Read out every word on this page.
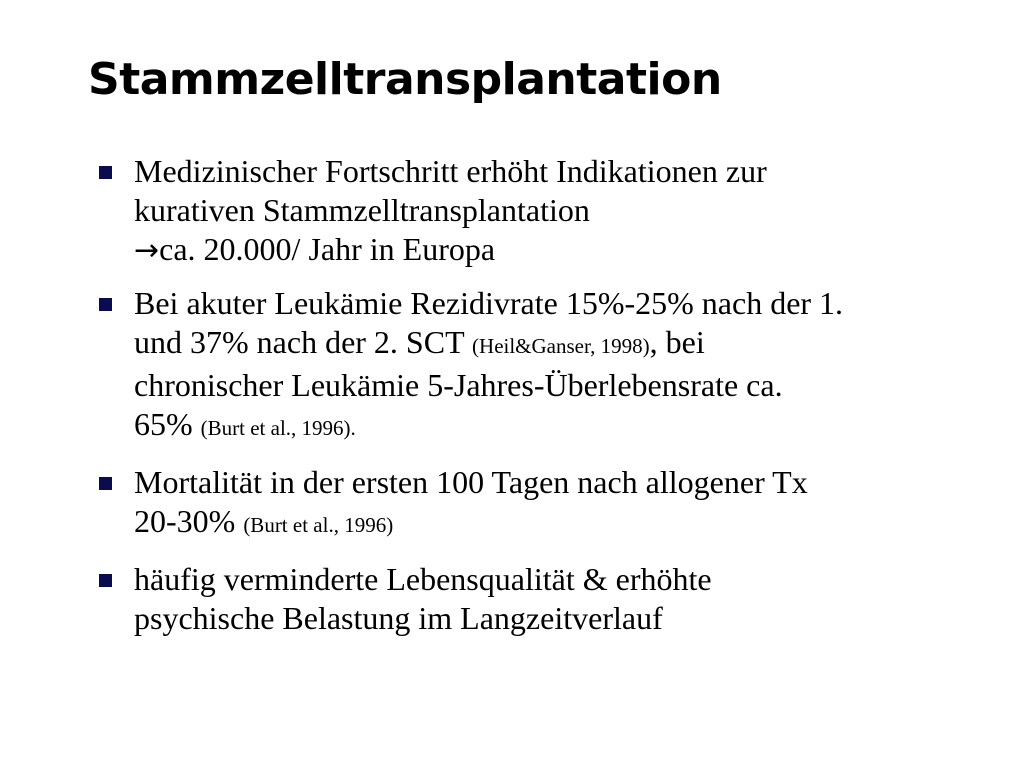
Stammzelltransplantation
Medizinischer Fortschritt erhöht Indikationen zur
kurativen Stammzelltransplantation
→ca. 20.000/ Jahr in Europa
Bei akuter Leukämie Rezidivrate 15%-25% nach der 1.
und 37% nach der 2. SCT (Heil&Ganser, 1998), bei
chronischer Leukämie 5-Jahres-Überlebensrate ca.
65% (Burt et al., 1996).
Mortalität in der ersten 100 Tagen nach allogener Tx
20-30% (Burt et al., 1996)
häufig verminderte Lebensqualität & erhöhte
psychische Belastung im Langzeitverlauf
